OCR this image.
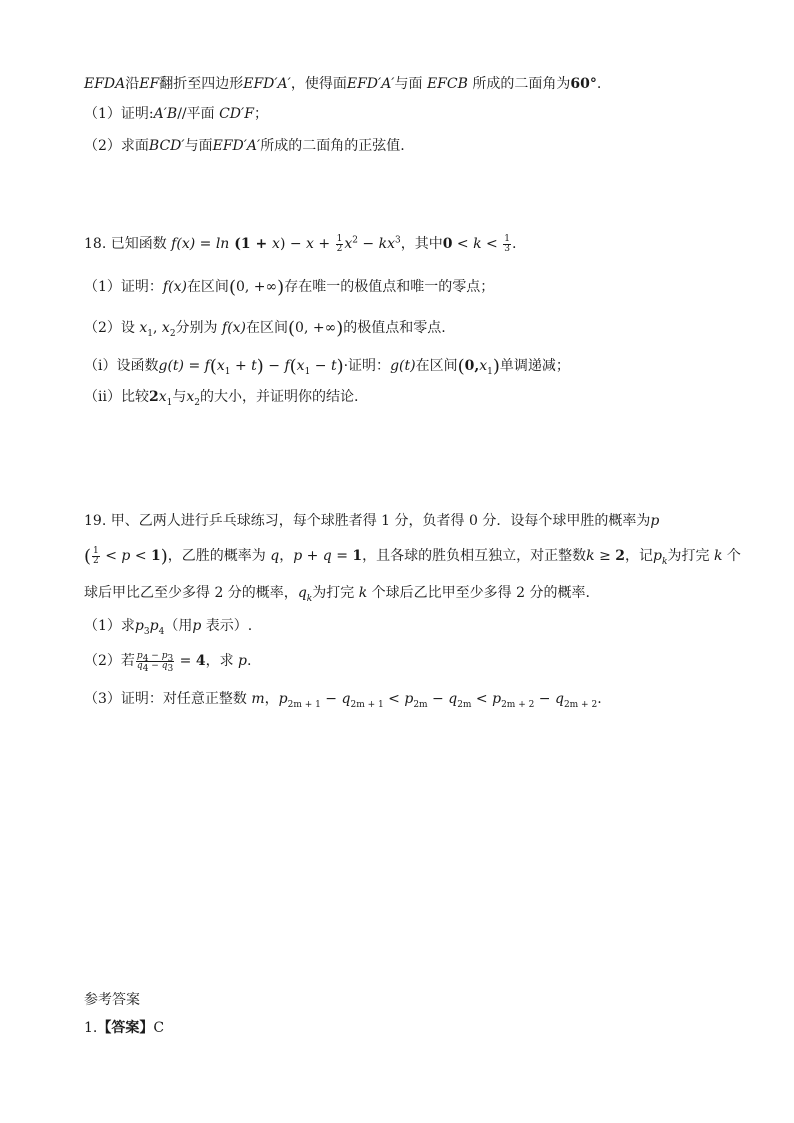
EFDA沿EF翻折至四边形EFD′A′，使得面EFD′A′与面 EFCB 所成的二面角为60°.
（1）证明:A′B//平面 CD′F；
（2）求面BCD′与面EFD′A′所成的二面角的正弦值.
18. 已知函数 $f(x) = \ln (1 + x) - x + \frac{1}{2} x^2 - kx^3$，其中$0 < k < \frac{1}{3}$ .
（1）证明：f(x)在区间(0, +∞)存在唯一的极值点和唯一的零点；
（2）设 $x_1$, $x_2$分别为 f(x)在区间(0, +∞)的极值点和零点.
（i）设函数$g(t) = f(x_1 + t) - f(x_1 - t)\cdot$证明：g(t)在区间$(0,x_1)$单调递减；
（ii）比较$2x_1$与$x_2$的大小，并证明你的结论.
19. 甲、乙两人进行乒乓球练习，每个球胜者得 1 分，负者得 0 分．设每个球甲胜的概率为p
( $\frac{1}{2} < p < 1$)，乙胜的概率为 q，p + q = 1，且各球的胜负相互独立，对正整数k ≥ 2，记$p_k$为打完 k 个
球后甲比乙至少多得 2 分的概率，$q_k$为打完 k 个球后乙比甲至少多得 2 分的概率.
（1）求$p_3p_4$（用p 表示）.
（2）若 $\frac{p_4 - p_3}{q_4 - q_3} = 4$，求 p.
（3）证明：对任意正整数 m，$p_{2m + 1} - q_{2m + 1} < p_{2m} - q_{2m} < p_{2m + 2} - q_{2m + 2}$.
参考答案
1.【答案】C
